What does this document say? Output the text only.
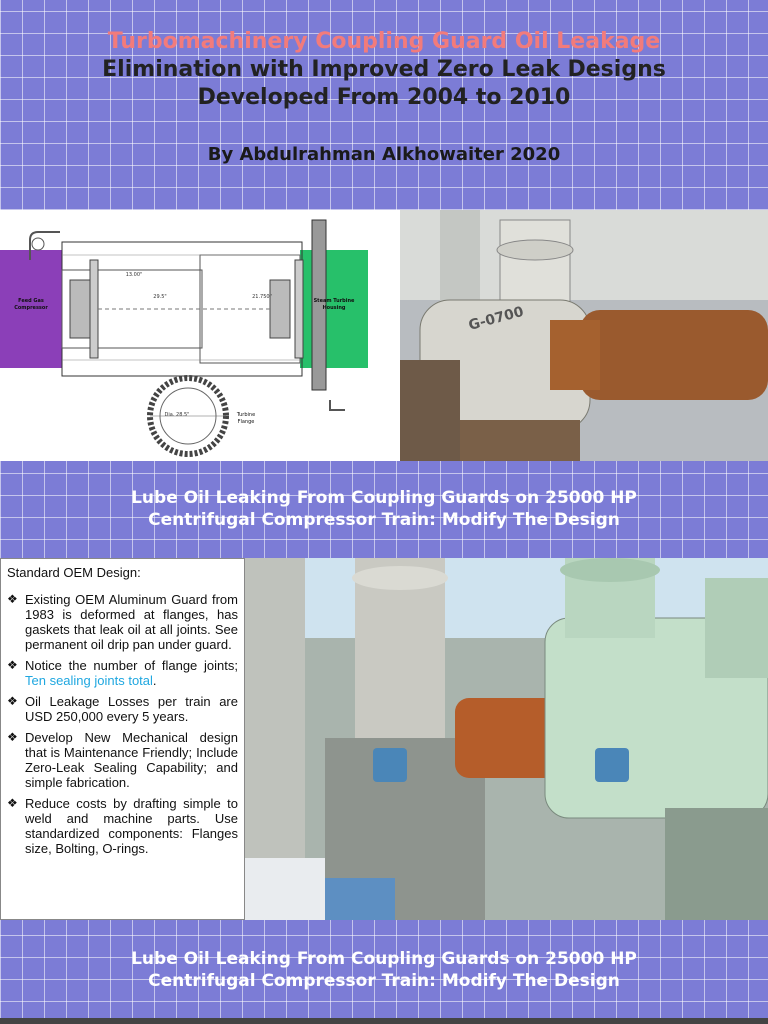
Turbomachinery Coupling Guard Oil Leakage
Elimination with Improved Zero Leak Designs
Developed From 2004 to 2010
By Abdulrahman Alkhowaiter 2020
Feed Gas
Compressor
Steam Turbine
Housing
13.00"
29.5"	21.750"
Dia. 28.5"	Turbine
Flange
G-0700
Lube Oil Leaking From Coupling Guards on 25000 HP
Centrifugal Compressor Train: Modify The Design
Standard OEM Design:
❖ Existing OEM Aluminum Guard from 1983 is deformed at flanges, has gaskets that leak oil at all joints. See permanent oil drip pan under guard.
❖ Notice the number of flange joints; Ten sealing joints total.
❖ Oil Leakage Losses per train are USD 250,000 every 5 years.
❖ Develop New Mechanical design that is Maintenance Friendly; Include Zero-Leak Sealing Capability; and simple fabrication.
❖ Reduce costs by drafting simple to weld and machine parts. Use standardized components: Flanges size, Bolting, O-rings.
Lube Oil Leaking From Coupling Guards on 25000 HP
Centrifugal Compressor Train: Modify The Design
